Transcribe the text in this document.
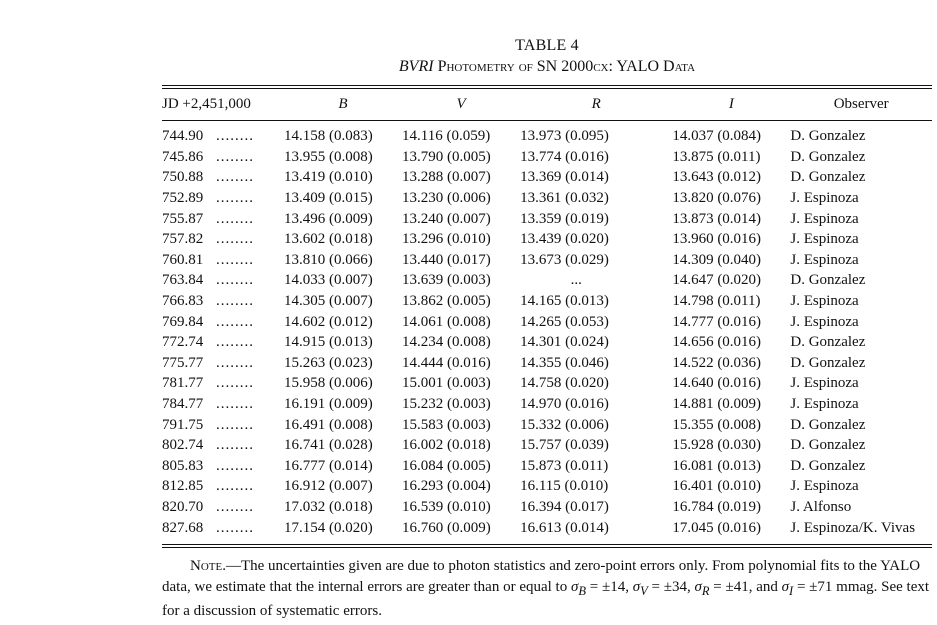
TABLE 4
BVRI Photometry of SN 2000cx: YALO Data
JD +2,451,000	B	V	R	I	Observer

744.90 ........	14.158 (0.083)	14.116 (0.059)	13.973 (0.095)	14.037 (0.084)	D. Gonzalez
745.86 ........	13.955 (0.008)	13.790 (0.005)	13.774 (0.016)	13.875 (0.011)	D. Gonzalez
750.88 ........	13.419 (0.010)	13.288 (0.007)	13.369 (0.014)	13.643 (0.012)	D. Gonzalez
752.89 ........	13.409 (0.015)	13.230 (0.006)	13.361 (0.032)	13.820 (0.076)	J. Espinoza
755.87 ........	13.496 (0.009)	13.240 (0.007)	13.359 (0.019)	13.873 (0.014)	J. Espinoza
757.82 ........	13.602 (0.018)	13.296 (0.010)	13.439 (0.020)	13.960 (0.016)	J. Espinoza
760.81 ........	13.810 (0.066)	13.440 (0.017)	13.673 (0.029)	14.309 (0.040)	J. Espinoza
763.84 ........	14.033 (0.007)	13.639 (0.003)	...	14.647 (0.020)	D. Gonzalez
766.83 ........	14.305 (0.007)	13.862 (0.005)	14.165 (0.013)	14.798 (0.011)	J. Espinoza
769.84 ........	14.602 (0.012)	14.061 (0.008)	14.265 (0.053)	14.777 (0.016)	J. Espinoza
772.74 ........	14.915 (0.013)	14.234 (0.008)	14.301 (0.024)	14.656 (0.016)	D. Gonzalez
775.77 ........	15.263 (0.023)	14.444 (0.016)	14.355 (0.046)	14.522 (0.036)	D. Gonzalez
781.77 ........	15.958 (0.006)	15.001 (0.003)	14.758 (0.020)	14.640 (0.016)	J. Espinoza
784.77 ........	16.191 (0.009)	15.232 (0.003)	14.970 (0.016)	14.881 (0.009)	J. Espinoza
791.75 ........	16.491 (0.008)	15.583 (0.003)	15.332 (0.006)	15.355 (0.008)	D. Gonzalez
802.74 ........	16.741 (0.028)	16.002 (0.018)	15.757 (0.039)	15.928 (0.030)	D. Gonzalez
805.83 ........	16.777 (0.014)	16.084 (0.005)	15.873 (0.011)	16.081 (0.013)	D. Gonzalez
812.85 ........	16.912 (0.007)	16.293 (0.004)	16.115 (0.010)	16.401 (0.010)	J. Espinoza
820.70 ........	17.032 (0.018)	16.539 (0.010)	16.394 (0.017)	16.784 (0.019)	J. Alfonso
827.68 ........	17.154 (0.020)	16.760 (0.009)	16.613 (0.014)	17.045 (0.016)	J. Espinoza/K. Vivas
Note.—The uncertainties given are due to photon statistics and zero-point errors only. From polynomial fits to the YALO data, we estimate that the internal errors are greater than or equal to $\sigma_B = \pm 14$, $\sigma_V = \pm 34$, $\sigma_R = \pm 41$, and $\sigma_I = \pm 71$ mmag. See text for a discussion of systematic errors.
